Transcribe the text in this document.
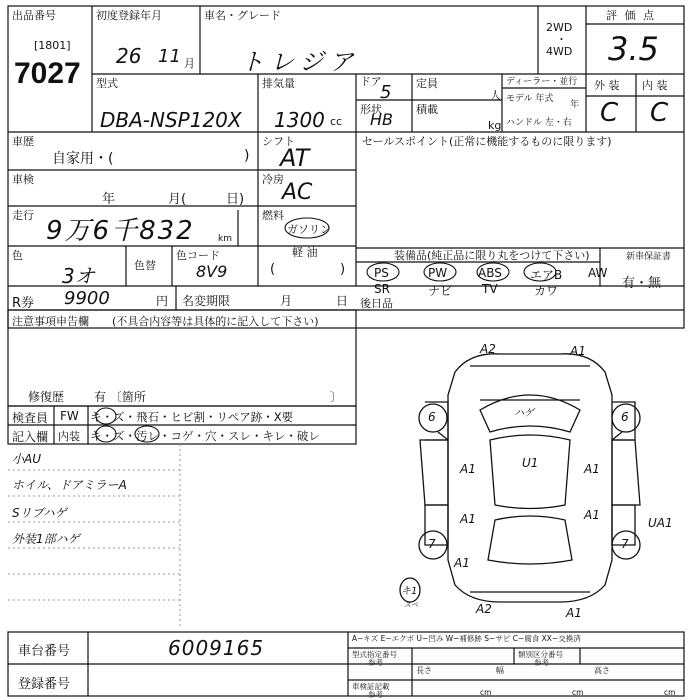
出品番号
[1801]
7027
初度登録年月
26 11 月
車名・グレード
トレジア
2WD
・
4WD
評 価 点
3.5
型式
DBA-NSP120X
排気量
1300 cc
ドア
5
形状
HB
定員
人
積載
kg
ディーラー・並行
モデル 年式
年
ハンドル 左・右
外 装 内 装
C C
車歴
自家用・(	)
シフト
AT
セールスポイント(正常に機能するものに限ります)
車検
年	月(	日)
冷房
AC
走行
9万6千832	km
燃料
ガソリン
軽 油
(	)
色
3オ	色替
色コード
8V9
装備品(純正品に限り丸をつけて下さい)	新車保証書
有・無
PS	PW	ABS エアB AW
SR	ナビ TV	カワ
R券 9900	円 名変期限	月	日 後日品
注意事項申告欄 (不具合内容等は具体的に記入して下さい)
修復歴 有 〔箇所	〕
検査員
記入欄
FW キ・ズ・飛石・ヒビ割・リペア跡・X要
内装 キ・ズ・汚レ・コゲ・穴・スレ・キレ・破レ
小AU
ホイル、ドアミラーA
Sリブハゲ
外装1部ハゲ
A2	A1
ハゲ
U1
A1
A1
A1
A1
UA1
A1
A2	A1
6	6
7	7
キ1
スペ
車台番号	6009165
登録番号
A−キズ E−エクボ U−凹み W−補修跡 S−サビ C−腐食 XX−交換済
型式指定番号
参考
類別区分番号
参考
車検証記載
参考
長さ
cm
幅
cm
高さ
cm
